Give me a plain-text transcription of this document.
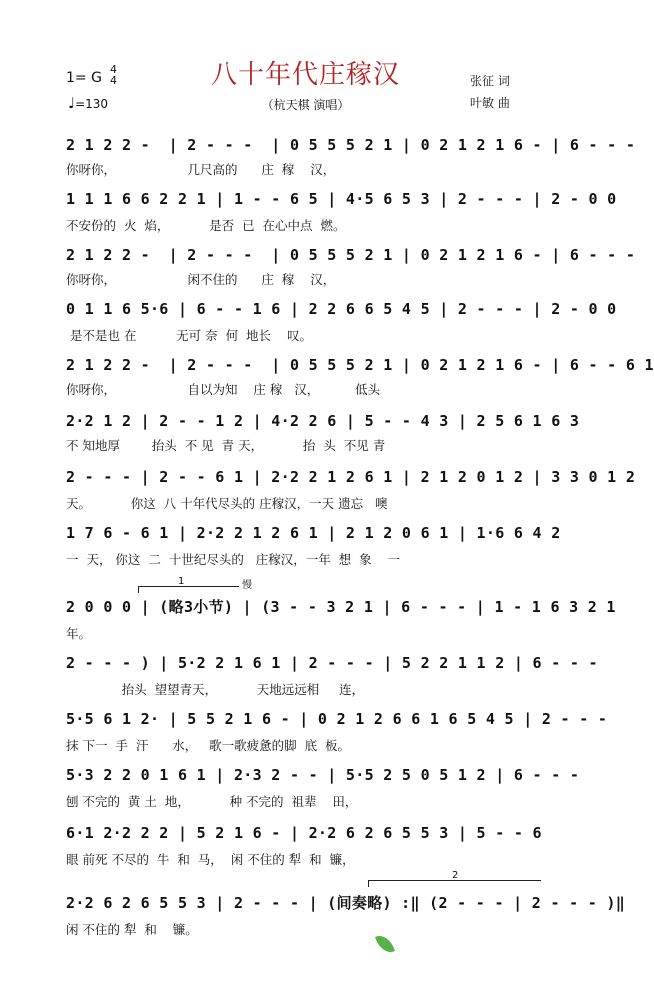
八十年代庄稼汉
（杭天棋 演唱）
1= G
4
4
♩=130
张征 词
叶敏 曲
2 1 2 2 -  | 2 - - -  | 0 5 5 5 2 1 | 0 2 1 2 1 6 - | 6 - - -
你呀你，                  几尺高的      庄  稼    汉，
1 1 1 6 6 2 2 1 | 1 - - 6 5 | 4·5 6 5 3 | 2 - - - | 2 - 0 0
不安份的  火  焰，          是否  已  在心中点  燃。
2 1 2 2 -  | 2 - - -  | 0 5 5 5 2 1 | 0 2 1 2 1 6 - | 6 - - -
你呀你，                  闲不住的      庄  稼    汉，
0 1 1 6 5·6 | 6 - - 1 6 | 2 2 6 6 5 4 5 | 2 - - - | 2 - 0 0
是不是也 在          无可 奈  何  地长    叹。
2 1 2 2 -  | 2 - - -  | 0 5 5 5 2 1 | 0 2 1 2 1 6 - | 6 - - 6 1
你呀你，                  自以为知    庄 稼   汉，         低头
2·2 1 2 | 2 - - 1 2 | 4·2 2 6 | 5 - - 4 3 | 2 5 6 1 6 3
不 知地厚        抬头  不 见  青 天，          抬  头  不见 青
2 - - - | 2 - - 6 1 | 2·2 2 1 2 6 1 | 2 1 2 0 1 2 | 3 3 0 1 2
天。          你这  八 十年代尽头的 庄稼汉，一天 遗忘   噢
1 7 6 - 6 1 | 2·2 2 1 2 6 1 | 2 1 2 0 6 1 | 1·6 6 4 2
一  天， 你这  二  十世纪尽头的   庄稼汉，一年  想  象    一
1	慢
2 0 0 0 | (略3小节) | (3 - - 3 2 1 | 6 - - - | 1 - 1 6 3 2 1
年。
2 - - - ) | 5·2 2 1 6 1 | 2 - - - | 5 2 2 1 1 2 | 6 - - -
抬头  望望青天，          天地远远相     连，
5·5 6 1 2· | 5 5 2 1 6 - | 0 2 1 2 6 6 1 6 5 4 5 | 2 - - -
抹 下一  手  汗      水，   歌一歌疲惫的脚  底  板。
5·3 2 2 0 1 6 1 | 2·3 2 - - | 5·5 2 5 0 5 1 2 | 6 - - -
刨 不完的  黄 土  地，          种 不完的  祖辈    田，
6·1 2·2 2 2 | 5 2 1 6 - | 2·2 6 2 6 5 5 3 | 5 - - 6
眼 前死 不尽的  牛  和  马，  闲 不住的 犁  和  镰，
2
2·2 6 2 6 5 5 3 | 2 - - - | (间奏略) :‖ (2 - - - | 2 - - - )‖
闲 不住的 犁  和    镰。
